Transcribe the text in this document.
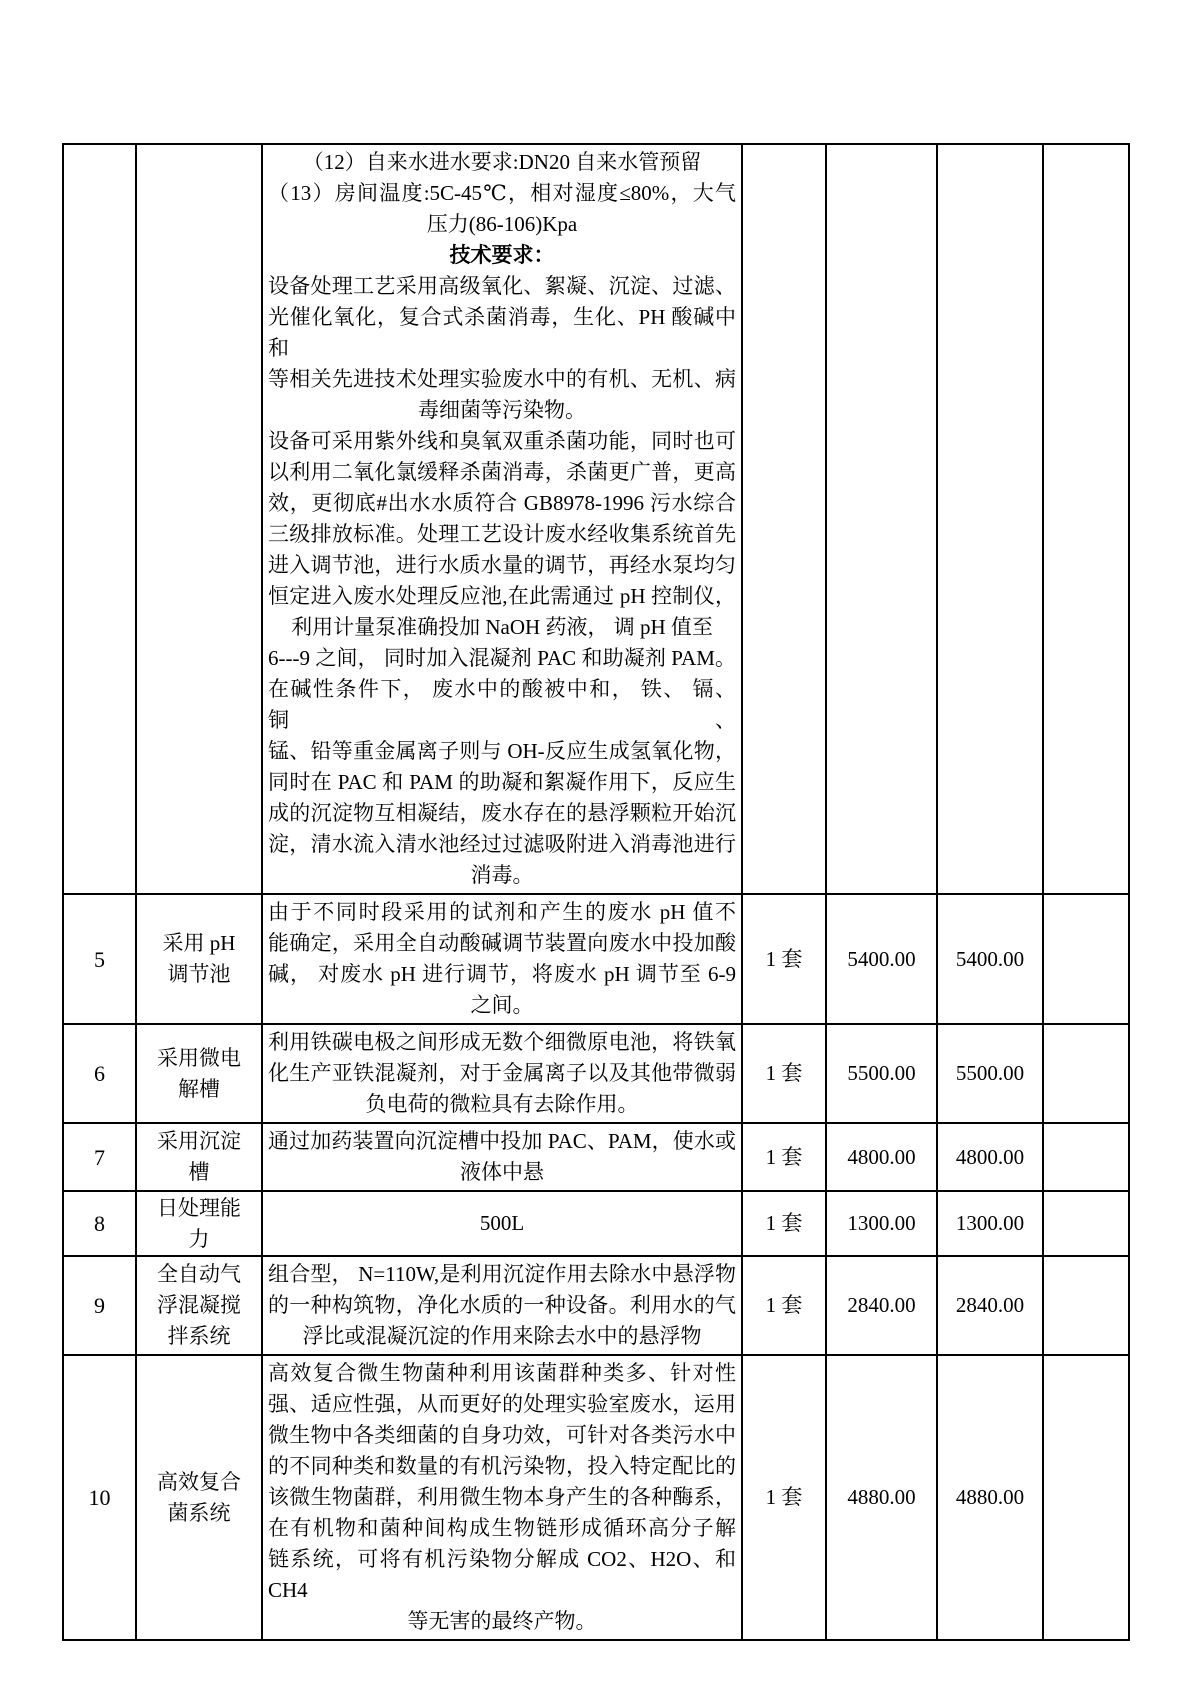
（12）自来水进水要求:DN20 自来水管预留
（13）房间温度:5C-45℃，相对湿度≤80%，大气
压力(86-106)Kpa
技术要求：
设备处理工艺采用高级氧化、絮凝、沉淀、过滤、
光催化氧化，复合式杀菌消毒，生化、PH 酸碱中和
等相关先进技术处理实验废水中的有机、无机、病
毒细菌等污染物。
设备可采用紫外线和臭氧双重杀菌功能，同时也可
以利用二氧化氯缓释杀菌消毒，杀菌更广普，更高
效，更彻底#出水水质符合 GB8978-1996 污水综合
三级排放标准。处理工艺设计废水经收集系统首先
进入调节池，进行水质水量的调节，再经水泵均匀
恒定进入废水处理反应池,在此需通过 pH 控制仪，
利用计量泵准确投加 NaOH 药液， 调 pH 值至
6---9 之间， 同时加入混凝剂 PAC 和助凝剂 PAM。
在碱性条件下， 废水中的酸被中和， 铁、 镉、 铜、
锰、铅等重金属离子则与 OH-反应生成氢氧化物，
同时在 PAC 和 PAM 的助凝和絮凝作用下，反应生
成的沉淀物互相凝结，废水存在的悬浮颗粒开始沉
淀，清水流入清水池经过过滤吸附进入消毒池进行
消毒。

5	采用 pH 调节池	由于不同时段采用的试剂和产生的废水 pH 值不
能确定，采用全自动酸碱调节装置向废水中投加酸
碱， 对废水 pH 进行调节，将废水 pH 调节至 6-9
之间。	1 套	5400.00	5400.00	
6	采用微电解槽	利用铁碳电极之间形成无数个细微原电池，将铁氧
化生产亚铁混凝剂，对于金属离子以及其他带微弱
负电荷的微粒具有去除作用。	1 套	5500.00	5500.00	
7	采用沉淀槽	通过加药装置向沉淀槽中投加 PAC、PAM，使水或
液体中悬	1 套	4800.00	4800.00	
8	日处理能力	500L	1 套	1300.00	1300.00	
9	全自动气浮混凝搅拌系统	组合型， N=110W,是利用沉淀作用去除水中悬浮物
的一种构筑物，净化水质的一种设备。利用水的气
浮比或混凝沉淀的作用来除去水中的悬浮物	1 套	2840.00	2840.00	
10	高效复合菌系统	
高效复合微生物菌种利用该菌群种类多、针对性
强、适应性强，从而更好的处理实验室废水，运用
微生物中各类细菌的自身功效，可针对各类污水中
的不同种类和数量的有机污染物，投入特定配比的
该微生物菌群，利用微生物本身产生的各种酶系，
在有机物和菌种间构成生物链形成循环高分子解
链系统，可将有机污染物分解成 CO2、H2O、和 CH4
等无害的最终产物。
	1 套	4880.00	4880.00	
